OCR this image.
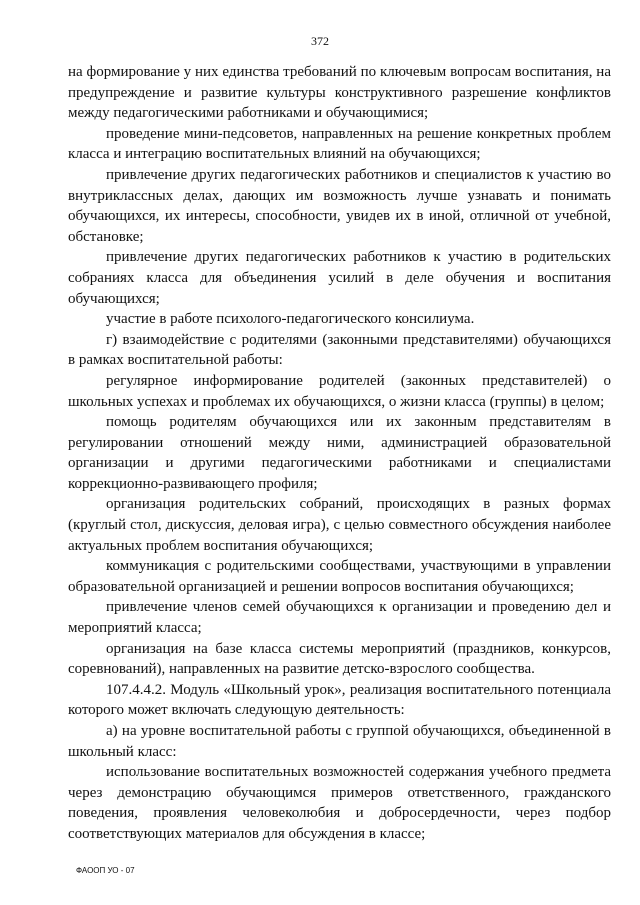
372

на формирование у них единства требований по ключевым вопросам воспитания, на предупреждение и развитие культуры конструктивного разрешение конфликтов между педагогическими работниками и обучающимися;

проведение мини-педсоветов, направленных на решение конкретных проблем класса и интеграцию воспитательных влияний на обучающихся;

привлечение других педагогических работников и специалистов к участию во внутриклассных делах, дающих им возможность лучше узнавать и понимать обучающихся, их интересы, способности, увидев их в иной, отличной от учебной, обстановке;

привлечение других педагогических работников к участию в родительских собраниях класса для объединения усилий в деле обучения и воспитания обучающихся;

участие в работе психолого-педагогического консилиума.

г) взаимодействие с родителями (законными представителями) обучающихся в рамках воспитательной работы:

регулярное информирование родителей (законных представителей) о школьных успехах и проблемах их обучающихся, о жизни класса (группы) в целом;

помощь родителям обучающихся или их законным представителям в регулировании отношений между ними, администрацией образовательной организации и другими педагогическими работниками и специалистами коррекционно-развивающего профиля;

организация родительских собраний, происходящих в разных формах (круглый стол, дискуссия, деловая игра), с целью совместного обсуждения наиболее актуальных проблем воспитания обучающихся;

коммуникация с родительскими сообществами, участвующими в управлении образовательной организацией и решении вопросов воспитания обучающихся;

привлечение членов семей обучающихся к организации и проведению дел и мероприятий класса;

организация на базе класса системы мероприятий (праздников, конкурсов, соревнований), направленных на развитие детско-взрослого сообщества.

107.4.4.2. Модуль «Школьный урок», реализация воспитательного потенциала которого может включать следующую деятельность:

а) на уровне воспитательной работы с группой обучающихся, объединенной в школьный класс:

использование воспитательных возможностей содержания учебного предмета через демонстрацию обучающимся примеров ответственного, гражданского поведения, проявления человеколюбия и добросердечности, через подбор соответствующих материалов для обсуждения в классе;

ФАООП УО - 07
